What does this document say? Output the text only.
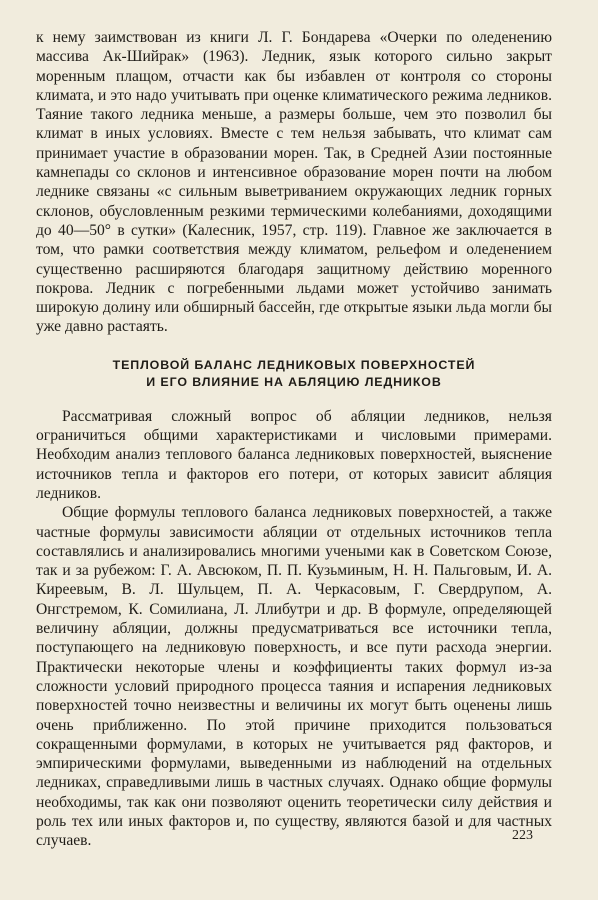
к нему заимствован из книги Л. Г. Бондарева «Очерки по оледенению массива Ак-Шийрак» (1963). Ледник, язык которого сильно закрыт моренным плащом, отчасти как бы избавлен от контроля со стороны климата, и это надо учитывать при оценке климатического режима ледников. Таяние такого ледника меньше, а размеры больше, чем это позволил бы климат в иных условиях. Вместе с тем нельзя забывать, что климат сам принимает участие в образовании морен. Так, в Средней Азии постоянные камнепады со склонов и интенсивное образование морен почти на любом леднике связаны «с сильным выветриванием окружающих ледник горных склонов, обусловленным резкими термическими колебаниями, доходящими до 40—50° в сутки» (Калесник, 1957, стр. 119). Главное же заключается в том, что рамки соответствия между климатом, рельефом и оледенением существенно расширяются благодаря защитному действию моренного покрова. Ледник с погребенными льдами может устойчиво занимать широкую долину или обширный бассейн, где открытые языки льда могли бы уже давно растаять.

ТЕПЛОВОЙ БАЛАНС ЛЕДНИКОВЫХ ПОВЕРХНОСТЕЙ
И ЕГО ВЛИЯНИЕ НА АБЛЯЦИЮ ЛЕДНИКОВ

Рассматривая сложный вопрос об абляции ледников, нельзя ограничиться общими характеристиками и числовыми примерами. Необходим анализ теплового баланса ледниковых поверхностей, выяснение источников тепла и факторов его потери, от которых зависит абляция ледников.

Общие формулы теплового баланса ледниковых поверхностей, а также частные формулы зависимости абляции от отдельных источников тепла составлялись и анализировались многими учеными как в Советском Союзе, так и за рубежом: Г. А. Авсюком, П. П. Кузьминым, Н. Н. Пальговым, И. А. Киреевым, В. Л. Шульцем, П. А. Черкасовым, Г. Свердрупом, А. Онгстремом, К. Сомилиана, Л. Ллибутри и др. В формуле, определяющей величину абляции, должны предусматриваться все источники тепла, поступающего на ледниковую поверхность, и все пути расхода энергии. Практически некоторые члены и коэффициенты таких формул из-за сложности условий природного процесса таяния и испарения ледниковых поверхностей точно неизвестны и величины их могут быть оценены лишь очень приближенно. По этой причине приходится пользоваться сокращенными формулами, в которых не учитывается ряд факторов, и эмпирическими формулами, выведенными из наблюдений на отдельных ледниках, справедливыми лишь в частных случаях. Однако общие формулы необходимы, так как они позволяют оценить теоретически силу действия и роль тех или иных факторов и, по существу, являются базой и для частных случаев.	223
